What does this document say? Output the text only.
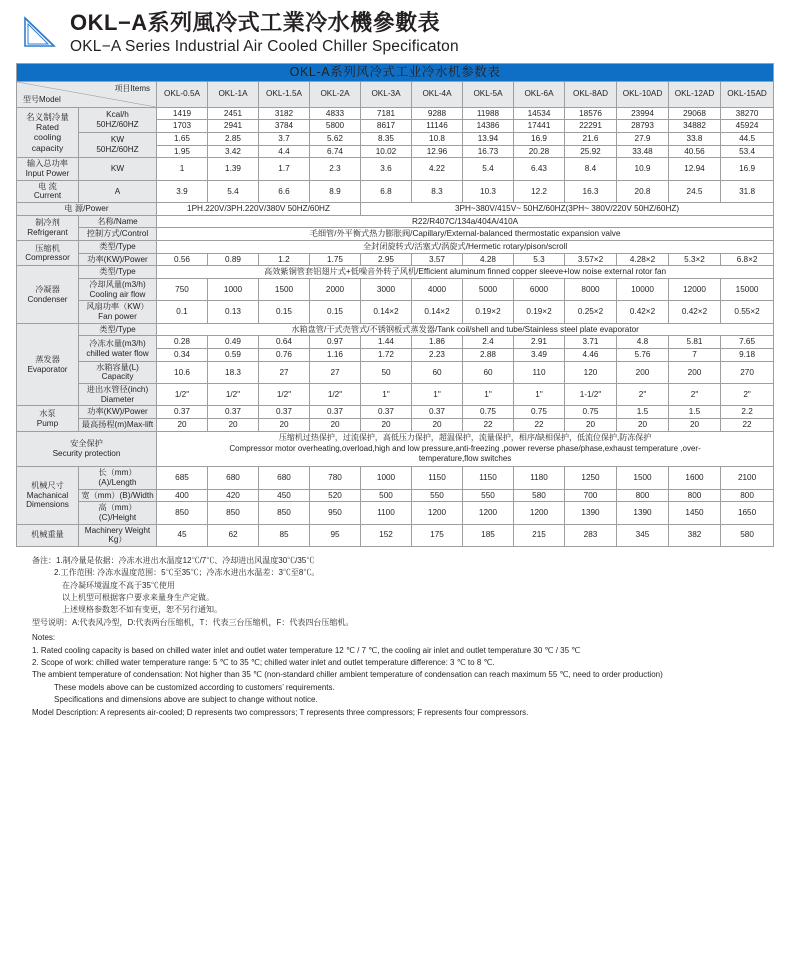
OKL−A系列風冷式工業冷水機參數表
OKL−A Series Industrial Air Cooled Chiller Specificaton
OKL-A系列风冷式工业冷水机参数表													

型号Model
项目Items		OKL-0.5A	OKL-1A	OKL-1.5A	OKL-2A	OKL-3A	OKL-4A	OKL-5A	OKL-6A	OKL-8AD	OKL-10AD	OKL-12AD	OKL-15AD

名义制冷量
Rated
cooling
capacity

Kcal/h
50HZ/60HZ
	1419	2451	3182	4833	7181	9288	11988	14534	18576	23994	29068	38270
		1703	2941	3784	5800	8617	11146	14386	17441	22291	28793	34882	45924

	KW
50HZ/60HZ	1.65	2.85	3.7	5.62	8.35	10.8	13.94	16.9	21.6	27.9	33.8	44.5
		1.95	3.42	4.4	6.74	10.02	12.96	16.73	20.28	25.92	33.48	40.56	53.4

输入总功率
Input Power	KW	1	1.39	1.7	2.3	3.6	4.22	5.4	6.43	8.4	10.9	12.94	16.9

电 流
Current	A	3.9	5.4	6.6	8.9	6.8	8.3	10.3	12.2	16.3	20.8	24.5	31.8
电 源/Power		1PH.220V/3PH.220V/380V 50HZ/60HZ				3PH~380V/415V~ 50HZ/60HZ(3PH~ 380V/220V 50HZ/60HZ)							

制冷剂
Refrigerant	名称/Name	R22/R407C/134a/404A/410A											
	控制方式/Control	毛细管/外平衡式热力膨胀阀/Capillary/External-balanced thermostatic expansion valve											

压缩机
Compressor	类型/Type	全封闭旋转式/活塞式/涡旋式/Hermetic rotary/pison/scroll											
	功率(KW)/Power	0.56	0.89	1.2	1.75	2.95	3.57	4.28	5.3	3.57×2	4.28×2	5.3×2	6.8×2

冷凝器
Condenser	类型/Type	高效紫铜管套铝翅片式+低噪音外转子风机/Efficient aluminum finned copper sleeve+low noise external rotor fan											

	冷却风量(m3/h)
Cooling air flow	750	1000	1500	2000	3000	4000	5000	6000	8000	10000	12000	15000

	风扇功率（KW）
Fan power	0.1	0.13	0.15	0.15	0.14×2	0.14×2	0.19×2	0.19×2	0.25×2	0.42×2	0.42×2	0.55×2

蒸发器
Evaporator	类型/Type	水箱盘管/干式壳管式/不锈钢板式蒸发器/Tank coil/shell and tube/Stainless steel plate evaporator											

	冷冻水量(m3/h)
chilled water flow	0.28	0.49	0.64	0.97	1.44	1.86	2.4	2.91	3.71	4.8	5.81	7.65
		0.34	0.59	0.76	1.16	1.72	2.23	2.88	3.49	4.46	5.76	7	9.18

	水箱容量(L)
Capacity	10.6	18.3	27	27	50	60	60	110	120	200	200	270

	进出水管径(inch)
Diameter	1/2"	1/2"	1/2"	1/2"	1"	1"	1"	1"	1-1/2"	2"	2"	2"

水泵
Pump	功率(KW)/Power	0.37	0.37	0.37	0.37	0.37	0.37	0.75	0.75	0.75	1.5	1.5	2.2
	最高扬程(m)Max-lift	20	20	20	20	20	20	22	22	20	20	20	22

安全保护
Security protection

压缩机过热保护，过流保护，高低压力保护，超温保护，流量保护，相序/缺相保护，低流位保护,防冻保护
Compressor motor overheating,overload,high and low pressure,anti-freezing ,power reverse phase/phase,exhaust temperature ,over-
temperature,flow switches

机械尺寸
Machanical
Dimensions	长（mm）(A)/Length	685	680	680	780	1000	1150	1150	1180	1250	1500	1600	2100
	宽（mm）(B)/Width	400	420	450	520	500	550	550	580	700	800	800	800
	高（mm）(C)/Height	850	850	850	950	1100	1200	1200	1200	1390	1390	1450	1650
机械重量	Machinery Weight
Kg）	45	62	85	95	152	175	185	215	283	345	382	580
备注：1.制冷量是依据：冷冻水进出水温度12℃/7℃、冷却进出风温度30℃/35℃
2.工作范围: 冷冻水温度范围：5℃至35℃；冷冻水进出水温差：3℃至8℃。
在冷凝环境温度不高于35℃使用
以上机型可根据客户要求来量身生产定做。
上述规格参数恕不如有变更，恕不另行通知。
型号说明：A:代表风冷型，D:代表两台压缩机，T：代表三台压缩机，F：代表四台压缩机。
Notes:
1. Rated cooling capacity is based on chilled water inlet and outlet water temperature 12 ℃ / 7 ℃, the cooling air inlet and outlet temperature 30 ℃ / 35 ℃
2. Scope of work: chilled water temperature range: 5 ℃ to 35 ℃; chilled water inlet and outlet temperature difference: 3 ℃ to 8 ℃.
The ambient temperature of condensation: Not higher than 35 ℃ (non-standard chiller ambient temperature of condensation can reach maximum 55 ℃, need to order production)
These models above can be customized according to customers’ requirements.
Specifications and dimensions above are subject to change without notice.
Model Description: A represents air-cooled; D represents two compressors; T represents three compressors; F represents four compressors.
